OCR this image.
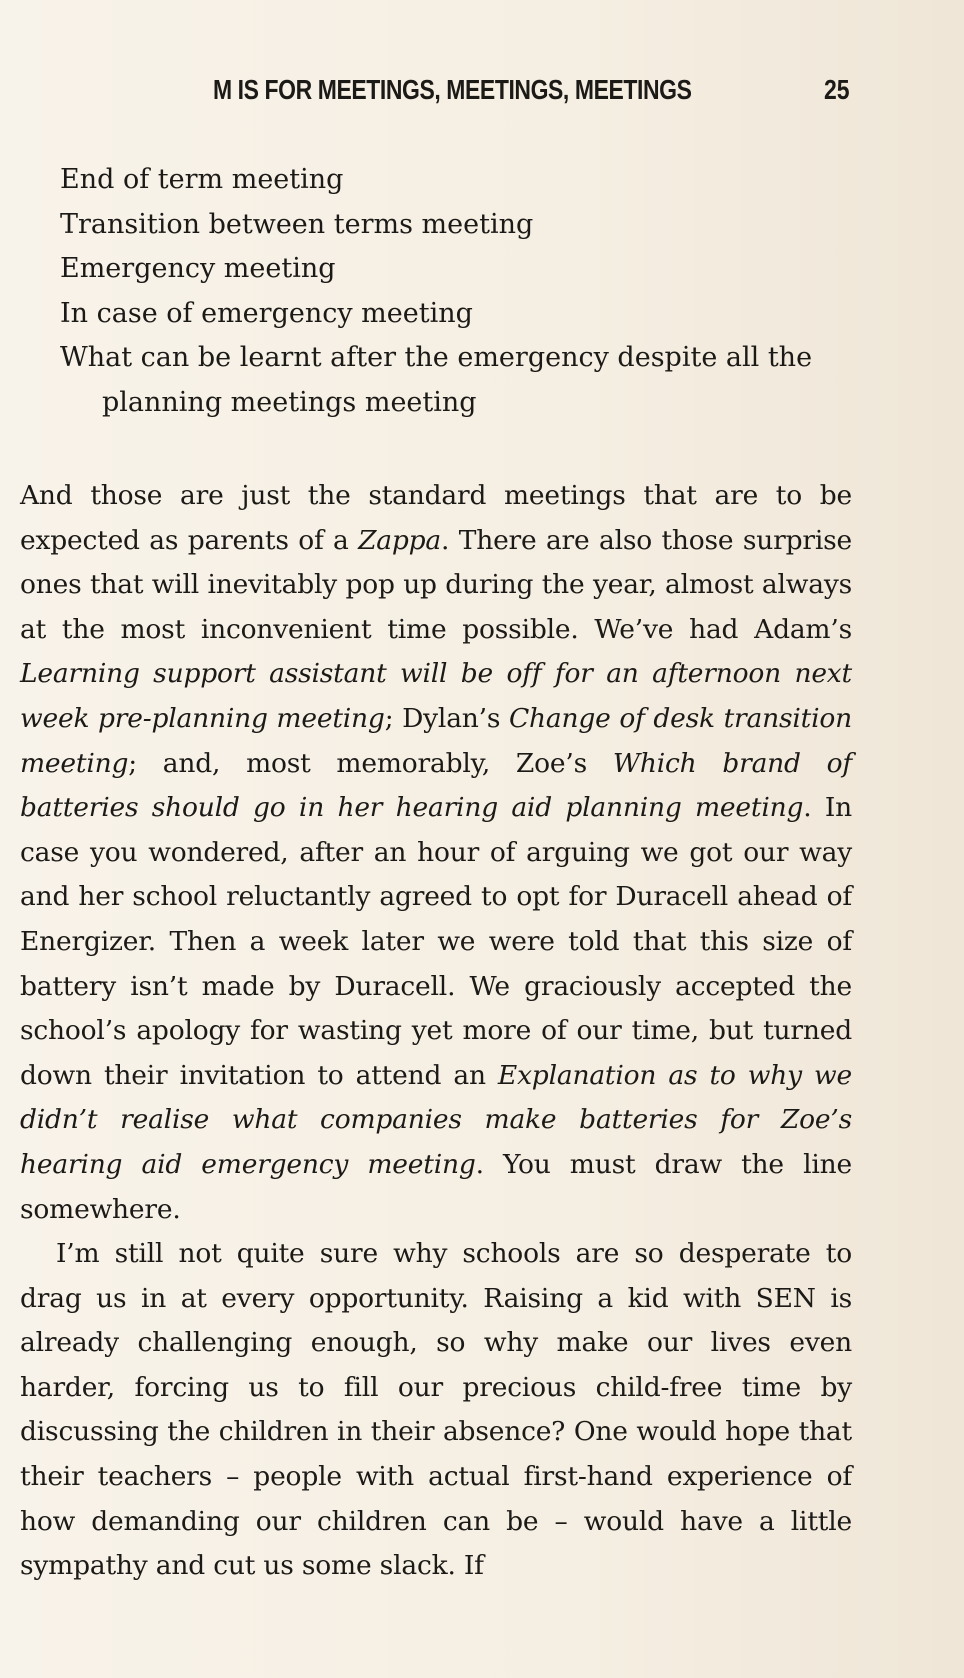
M IS FOR MEETINGS, MEETINGS, MEETINGS	25
End of term meeting
Transition between terms meeting
Emergency meeting
In case of emergency meeting
What can be learnt after the emergency despite all the planning meetings meeting

And those are just the standard meetings that are to be expected as parents of a Zappa. There are also those surprise ones that will inevitably pop up during the year, almost always at the most inconvenient time possible. We’ve had Adam’s Learning support assistant will be off for an afternoon next week pre-planning meeting; Dylan’s Change of desk transition meeting; and, most memorably, Zoe’s Which brand of batteries should go in her hearing aid planning meeting. In case you wondered, after an hour of arguing we got our way and her school reluctantly agreed to opt for Duracell ahead of Energizer. Then a week later we were told that this size of battery isn’t made by Duracell. We graciously accepted the school’s apology for wasting yet more of our time, but turned down their invitation to attend an Explanation as to why we didn’t realise what companies make batteries for Zoe’s hearing aid emergency meeting. You must draw the line somewhere.

I’m still not quite sure why schools are so desperate to drag us in at every opportunity. Raising a kid with SEN is already challenging enough, so why make our lives even harder, forcing us to fill our precious child-free time by discussing the children in their absence? One would hope that their teachers – people with actual first-hand experience of how demanding our children can be – would have a little sympathy and cut us some slack. If
